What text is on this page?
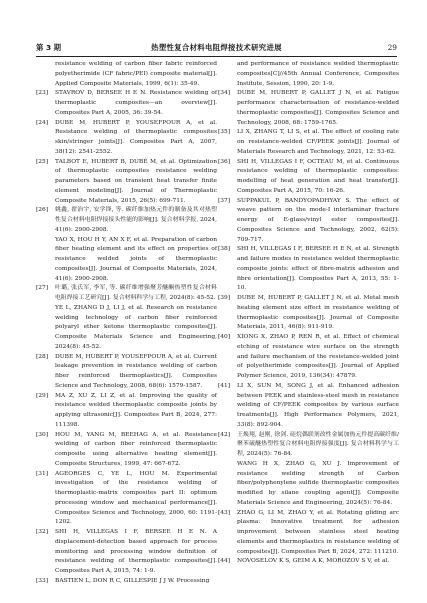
第 3 期	热塑性复合材料电阻焊接技术研究进展	29
resistance welding of carbon fiber fabric reinforced polyetherimide (CF fabric/PEI) composite material[J]. Applied Composite Materials, 1999, 6(1): 35-49.
[23] STAVROV D, BERSEE H E N. Resistance welding of thermoplastic composites—an overview[J]. Composites Part A, 2005, 36: 39-54.
[24] DUBE M, HUBERT P, YOUSEFPOUR A, et al. Resistance welding of thermoplastic composites skin/stringer joints[J]. Composites Part A, 2007, 38(12): 2541-2552.
[25] TALBOT E, HUBERT B, DUBÉ M, et al. Optimization of thermoplastic composites resistance welding parameters based on transient heat transfer finite element modeling[J]. Journal of Thermoplastic Composite Materials, 2015, 26(5): 699-711.
[26] 姚鑫, 翟治宇, 安学锋, 等. 碳纤维加热元件的制备及其对热塑性复合材料电阻焊接接头性能的影响[J]. 复合材料学报, 2024, 41(6): 2900-2908.
YAO X, HOU H Y, AN X F, et al. Preparation of carbon fiber heating element and its effect on properties of resistance welded joints of thermoplastic composites[J]. Journal of Composite Materials, 2024, 41(6): 2900-2908.
[27] 叶璐, 张氏军, 李军, 等. 碳纤维增强聚芳醚酮热塑性复合材料电阻焊接工艺研究[J]. 复合材料科学与工程, 2024(8): 45-52.
YE L, ZHANG D J, LI J, et al. Research on resistance welding technology of carbon fiber reinforced polyaryl ether ketone thermoplastic composites[J]. Composite Materials Science and Engineering, 2024(8): 45-52.
[28] DUBE M, HUBERT P, YOUSEFPOUR A, et al. Current leakage prevention in resistance welding of carbon fiber reinforced thermoplastics[J]. Composites Science and Technology, 2008, 68(6): 1579-1587.
[29] MA Z, XU Z, LI Z, et al. Improving the quality of resistance welded thermoplastic composite joints by applying ultrasonic[J]. Composites Part B, 2024, 277: 111398.
[30] HOU M, YANG M, BEEHAG A, et al. Resistance welding of carbon fiber reinforced thermoplastic composite using alternative heating element[J]. Composite Structures, 1999, 47: 667-672.
[31] AGEORGES C, YE L, HOU M. Experimental investigation of the resistance welding of thermoplastic-matrix composites part II: optimum processing window and mechanical performance[J]. Composites Science and Technology, 2000, 60: 1191-1202.
[32] SHI H, VILLEGAS I F, BERSEE H E N. A displacement-detection based approach for process monitoring and processing window definition of resistance welding of thermoplastic composites[J]. Composites Part A, 2015, 74: 1-9.
[33] BASTIEN L, DON R C, GILLESPIE J J W. Processing
and performance of resistance welded thermoplastic composites[C]//45th Annual Conference, Composites Institute, Session, 1990, 20: 1-9.
[34] DUBE M, HUBERT P, GALLET J N, et al. Fatigue performance characterisation of resistance-welded thermoplastic composites[J]. Composites Science and Technology, 2008, 68: 1759-1765.
[35] LI X, ZHANG T, LI S, et al. The effect of cooling rate on resistance-welded CF/PEEK joints[J]. Journal of Materials Research and Technology, 2021, 12: 53-62.
[36] SHI H, VILLEGAS I F, OCTEAU M, et al. Continuous resistance welding of thermoplastic composites: modelling of heat generation and heat transfer[J]. Composites Part A, 2015, 70: 16-26.
[37] SUPPAKUL P, BANDYOPADHYAY S. The effect of weave pattern on the mode-I interlaminar fracture energy of E-glass/vinyl ester composites[J]. Composites Science and Technology, 2002, 62(5): 709-717.
[38] SHI H, VILLEGAS I F, BERSEE H E N, et al. Strength and failure modes in resistance welded thermoplastic composite joints: effect of fibre-matrix adhesion and fibre orientation[J]. Composites Part A, 2013, 55: 1-10.
[39] DUBE M, HUBERT P, GALLET J N, et al. Metal mesh heating element size effect in resistance welding of thermoplastic composites[J]. Journal of Composite Materials, 2011, 46(8): 911-919.
[40] XIONG X, ZHAO P, REN R, et al. Effect of chemical etching of resistance wire surface on the strength and failure mechanism of the resistance-welded joint of polyetherimide composites[J]. Journal of Applied Polymer Science, 2019, 136(34): 47879.
[41] LI X, SUN M, SONG J, et al. Enhanced adhesion between PEEK and stainless-steel mesh in resistance welding of CF/PEEK composites by various surface treatments[J]. High Performance Polymers, 2021, 33(8): 892-904.
[42] 王焕翔, 赵刚, 徐剑. 硅烷偶联剂改性金属加热元件提高碳纤维/聚苯硫醚热塑性复合材料电阻焊接强度[J]. 复合材料科学与工程, 2024(5): 76-84.
WANG H X, ZHAO G, XU J. Improvement of resistance welding strength of Carbon fiber/polyphenylene sulfide thermoplastic composites modified by silane coupling agent[J]. Composite Materials Science and Engineering, 2024(5): 76-84.
[43] ZHAO G, LI M, ZHAO Y, et al. Rotating gliding arc plasma: Innovative treatment for adhesion improvement between stainless steel heating elements and thermoplastics in resistance welding of composites[J]. Composites Part B, 2024, 272: 111210.
[44] NOVOSELOV K S, GEIM A K, MOROZOV S V, et al.
